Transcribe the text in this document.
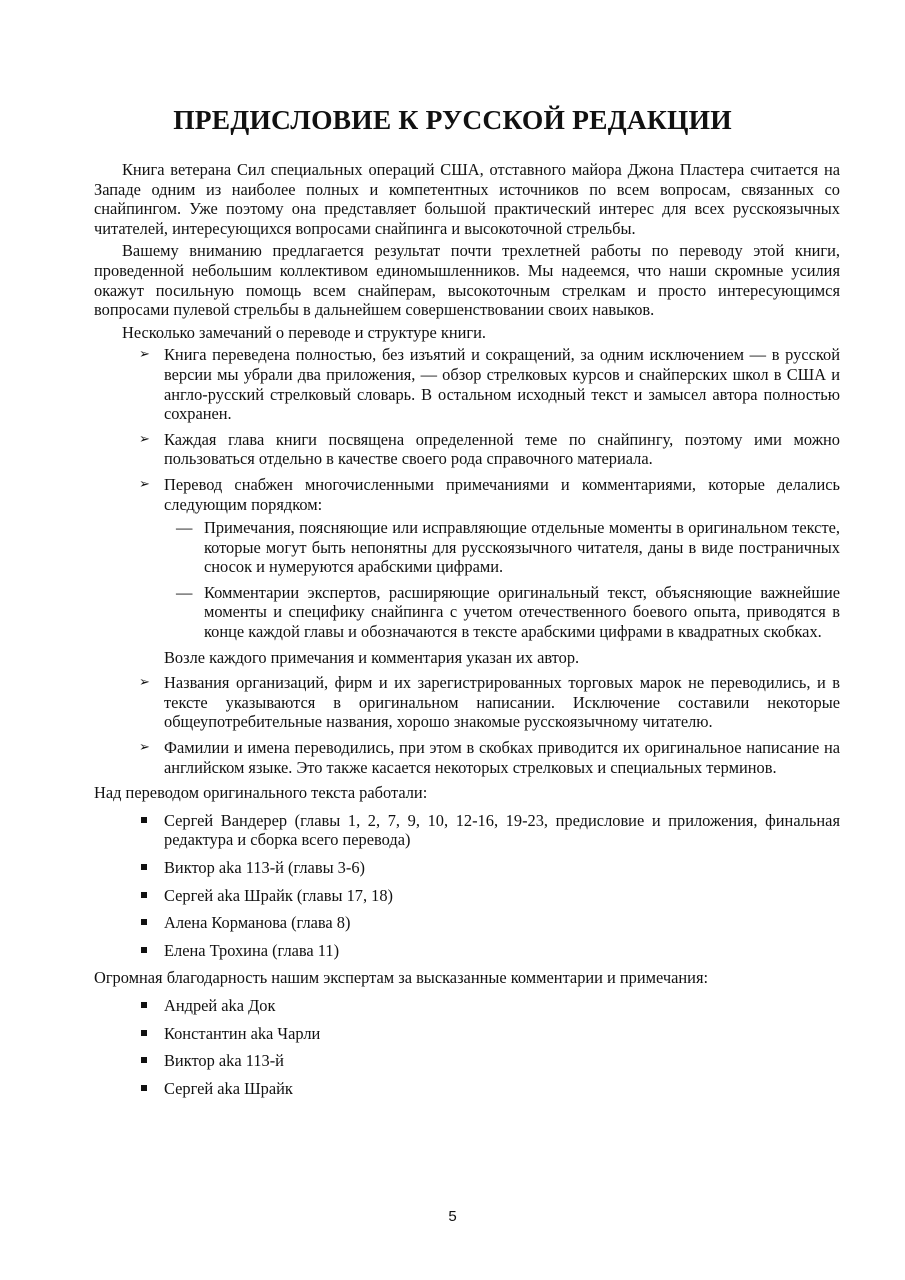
ПРЕДИСЛОВИЕ К РУССКОЙ РЕДАКЦИИ

Книга ветерана Сил специальных операций США, отставного майора Джона Пластера считается на Западе одним из наиболее полных и компетентных источников по всем вопросам, связанных со снайпингом. Уже поэтому она представляет большой практический интерес для всех русскоязычных читателей, интересующихся вопросами снайпинга и высокоточной стрельбы.

Вашему вниманию предлагается результат почти трехлетней работы по переводу этой книги, проведенной небольшим коллективом единомышленников. Мы надеемся, что наши скромные усилия окажут посильную помощь всем снайперам, высокоточным стрелкам и просто интересующимся вопросами пулевой стрельбы в дальнейшем совершенствовании своих навыков.

Несколько замечаний о переводе и структуре книги.

➢ Книга переведена полностью, без изъятий и сокращений, за одним исключением — в русской версии мы убрали два приложения, — обзор стрелковых курсов и снайперских школ в США и англо-русский стрелковый словарь. В остальном исходный текст и замысел автора полностью сохранен.
➢ Каждая глава книги посвящена определенной теме по снайпингу, поэтому ими можно пользоваться отдельно в качестве своего рода справочного материала.
➢ Перевод снабжен многочисленными примечаниями и комментариями, которые делались следующим порядком:
— Примечания, поясняющие или исправляющие отдельные моменты в оригинальном тексте, которые могут быть непонятны для русскоязычного читателя, даны в виде постраничных сносок и нумеруются арабскими цифрами.
— Комментарии экспертов, расширяющие оригинальный текст, объясняющие важнейшие моменты и специфику снайпинга с учетом отечественного боевого опыта, приводятся в конце каждой главы и обозначаются в тексте арабскими цифрами в квадратных скобках.
Возле каждого примечания и комментария указан их автор.
➢ Названия организаций, фирм и их зарегистрированных торговых марок не переводились, и в тексте указываются в оригинальном написании. Исключение составили некоторые общеупотребительные названия, хорошо знакомые русскоязычному читателю.
➢ Фамилии и имена переводились, при этом в скобках приводится их оригинальное написание на английском языке. Это также касается некоторых стрелковых и специальных терминов.
Над переводом оригинального текста работали:
Сергей Вандерер (главы 1, 2, 7, 9, 10, 12-16, 19-23, предисловие и приложения, финальная редактура и сборка всего перевода)
Виктор aka 113-й (главы 3-6)
Сергей aka Шрайк (главы 17, 18)
Алена Корманова (глава 8)
Елена Трохина (глава 11)
Огромная благодарность нашим экспертам за высказанные комментарии и примечания:
Андрей aka Док
Константин aka Чарли
Виктор aka 113-й
Сергей aka Шрайк
5
